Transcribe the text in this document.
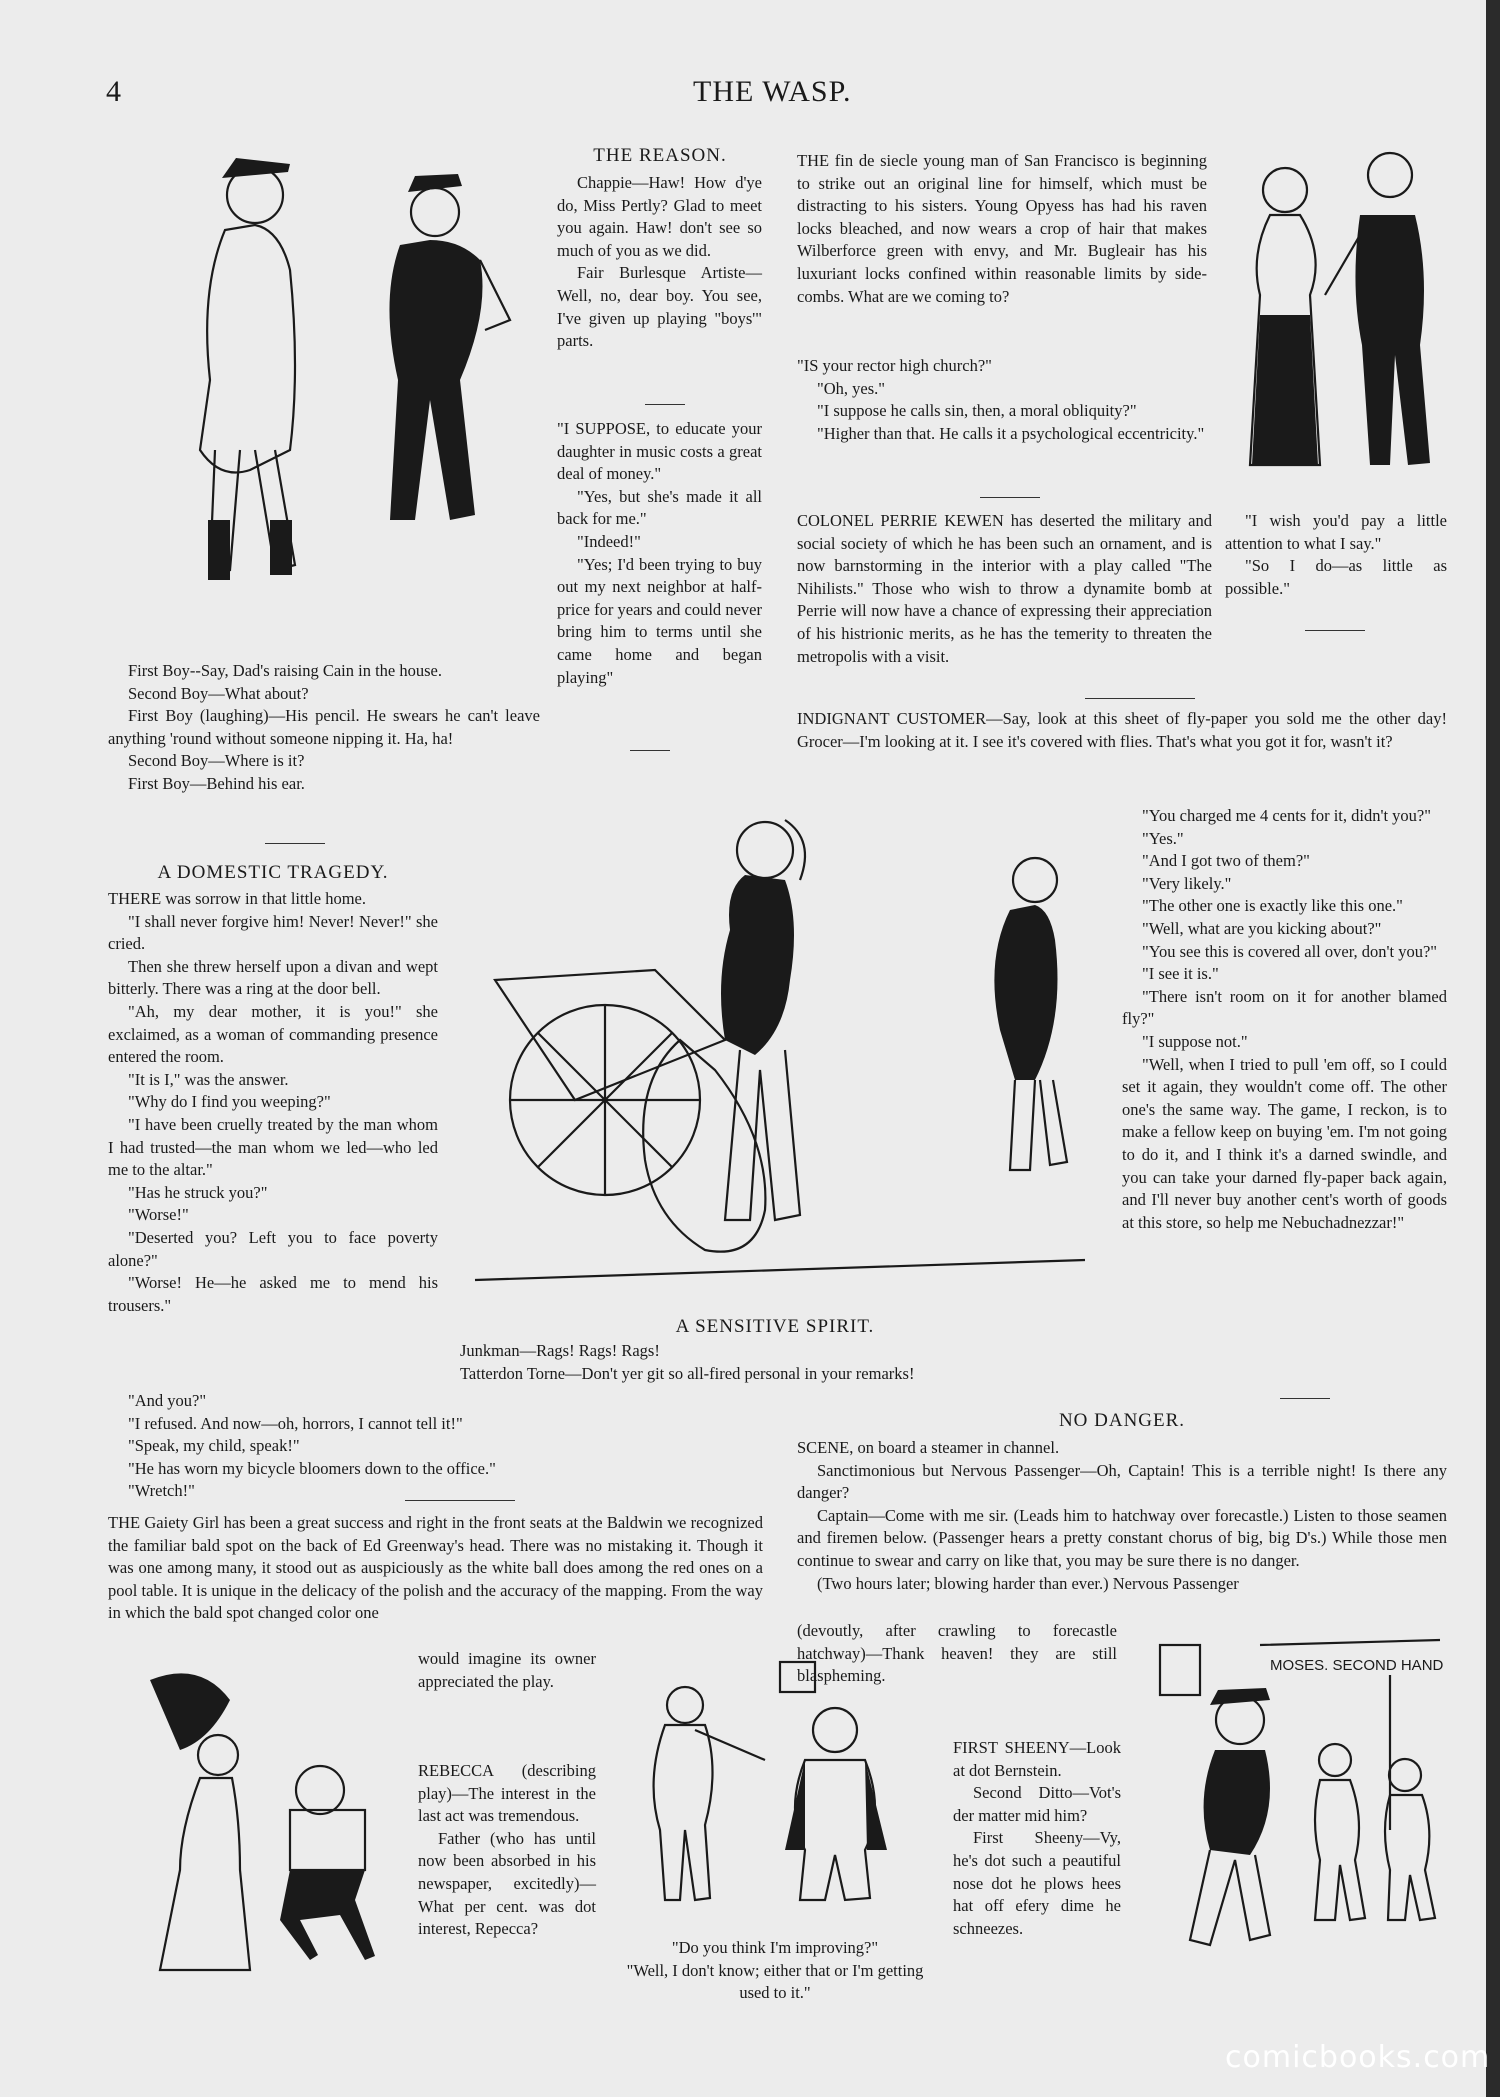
4	THE WASP.

First Boy--Say, Dad's raising Cain in the house.

Second Boy—What about?

First Boy (laughing)—His pencil. He swears he can't leave anything 'round without someone nipping it. Ha, ha!

Second Boy—Where is it?

First Boy—Behind his ear.

THE REASON.

Chappie—Haw! How d'ye do, Miss Pertly? Glad to meet you again. Haw! don't see so much of you as we did.

Fair Burlesque Artiste— Well, no, dear boy. You see, I've given up playing "boys'" parts.

"I SUPPOSE, to educate your daughter in music costs a great deal of money."

"Yes, but she's made it all back for me."

"Indeed!"

"Yes; I'd been trying to buy out my next neighbor at half-price for years and could never bring him to terms until she came home and began playing"

THE fin de siecle young man of San Francisco is beginning to strike out an original line for himself, which must be distracting to his sisters. Young Opyess has had his raven locks bleached, and now wears a crop of hair that makes Wilberforce green with envy, and Mr. Bugleair has his luxuriant locks confined within reasonable limits by side-combs. What are we coming to?

"IS your rector high church?"

"Oh, yes."

"I suppose he calls sin, then, a moral obliquity?"

"Higher than that. He calls it a psychological eccentricity."

"I wish you'd pay a little attention to what I say."

"So I do—as little as possible."

COLONEL PERRIE KEWEN has deserted the military and social society of which he has been such an ornament, and is now barnstorming in the interior with a play called "The Nihilists." Those who wish to throw a dynamite bomb at Perrie will now have a chance of expressing their appreciation of his histrionic merits, as he has the temerity to threaten the metropolis with a visit.
INDIGNANT CUSTOMER—Say, look at this sheet of fly-paper you sold me the other day! Grocer—I'm looking at it. I see it's covered with flies. That's what you got it for, wasn't it?

"You charged me 4 cents for it, didn't you?"

"Yes."

"And I got two of them?"

"Very likely."

"The other one is exactly like this one."

"Well, what are you kicking about?"

"You see this is covered all over, don't you?"

"I see it is."

"There isn't room on it for another blamed fly?"

"I suppose not."

"Well, when I tried to pull 'em off, so I could set it again, they wouldn't come off. The other one's the same way. The game, I reckon, is to make a fellow keep on buying 'em. I'm not going to do it, and I think it's a darned swindle, and you can take your darned fly-paper back again, and I'll never buy another cent's worth of goods at this store, so help me Nebuchadnezzar!"

A DOMESTIC TRAGEDY.

THERE was sorrow in that little home.

"I shall never forgive him! Never! Never!" she cried.

Then she threw herself upon a divan and wept bitterly. There was a ring at the door bell.

"Ah, my dear mother, it is you!" she exclaimed, as a woman of commanding presence entered the room.

"It is I," was the answer.

"Why do I find you weeping?"

"I have been cruelly treated by the man whom I had trusted—the man whom we led—who led me to the altar."

"Has he struck you?"

"Worse!"

"Deserted you? Left you to face poverty alone?"

"Worse! He—he asked me to mend his trousers."

"And you?"

"I refused. And now—oh, horrors, I cannot tell it!"

"Speak, my child, speak!"

"He has worn my bicycle bloomers down to the office."

"Wretch!"

A SENSITIVE SPIRIT.
Junkman—Rags! Rags! Rags!
Tatterdon Torne—Don't yer git so all-fired personal in your remarks!
NO DANGER.

SCENE, on board a steamer in channel.

Sanctimonious but Nervous Passenger—Oh, Captain! This is a terrible night! Is there any danger?

Captain—Come with me sir. (Leads him to hatchway over forecastle.) Listen to those seamen and firemen below. (Passenger hears a pretty constant chorus of big, big D's.) While those men continue to swear and carry on like that, you may be sure there is no danger.

(Two hours later; blowing harder than ever.) Nervous Passenger

(devoutly, after crawling to forecastle hatchway)—Thank heaven! they are still blaspheming.
THE Gaiety Girl has been a great success and right in the front seats at the Baldwin we recognized the familiar bald spot on the back of Ed Greenway's head. There was no mistaking it. Though it was one among many, it stood out as auspiciously as the white ball does among the red ones on a pool table. It is unique in the delicacy of the polish and the accuracy of the mapping. From the way in which the bald spot changed color one
would imagine its owner appreciated the play.

REBECCA (describing play)—The interest in the last act was tremendous.

Father (who has until now been absorbed in his newspaper, excitedly)—What per cent. was dot interest, Repecca?

"Do you think I'm improving?"
"Well, I don't know; either that or I'm getting used to it."

FIRST SHEENY—Look at dot Bernstein.

Second Ditto—Vot's der matter mid him?

First Sheeny—Vy, he's dot such a peautiful nose dot he plows hees hat off efery dime he schneezes.

MOSES. SECOND HAND
comicbooks.com
